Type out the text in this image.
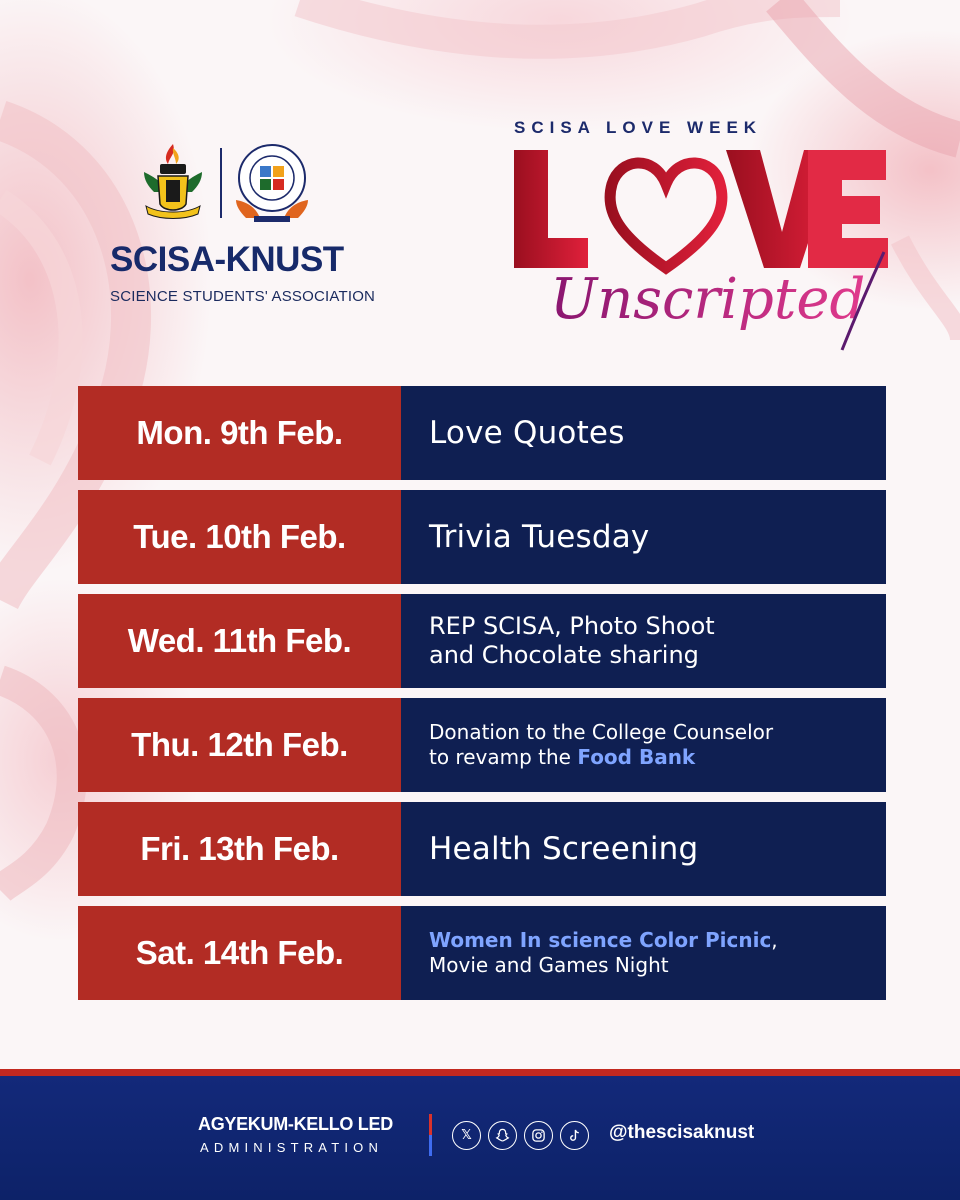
SCISA-KNUST
SCIENCE STUDENTS' ASSOCIATION
SCISA LOVE WEEK
Unscripted
Mon. 9th Feb.	Love Quotes
Tue. 10th Feb.	Trivia Tuesday
Wed. 11th Feb.	REP SCISA, Photo Shoot
and Chocolate sharing
Thu. 12th Feb.	Donation to the College Counselor
to revamp the Food Bank
Fri. 13th Feb.	Health Screening
Sat. 14th Feb.	Women In science Color Picnic,
Movie and Games Night
AGYEKUM-KELLO LED
ADMINISTRATION
𝕏	@thescisaknust
